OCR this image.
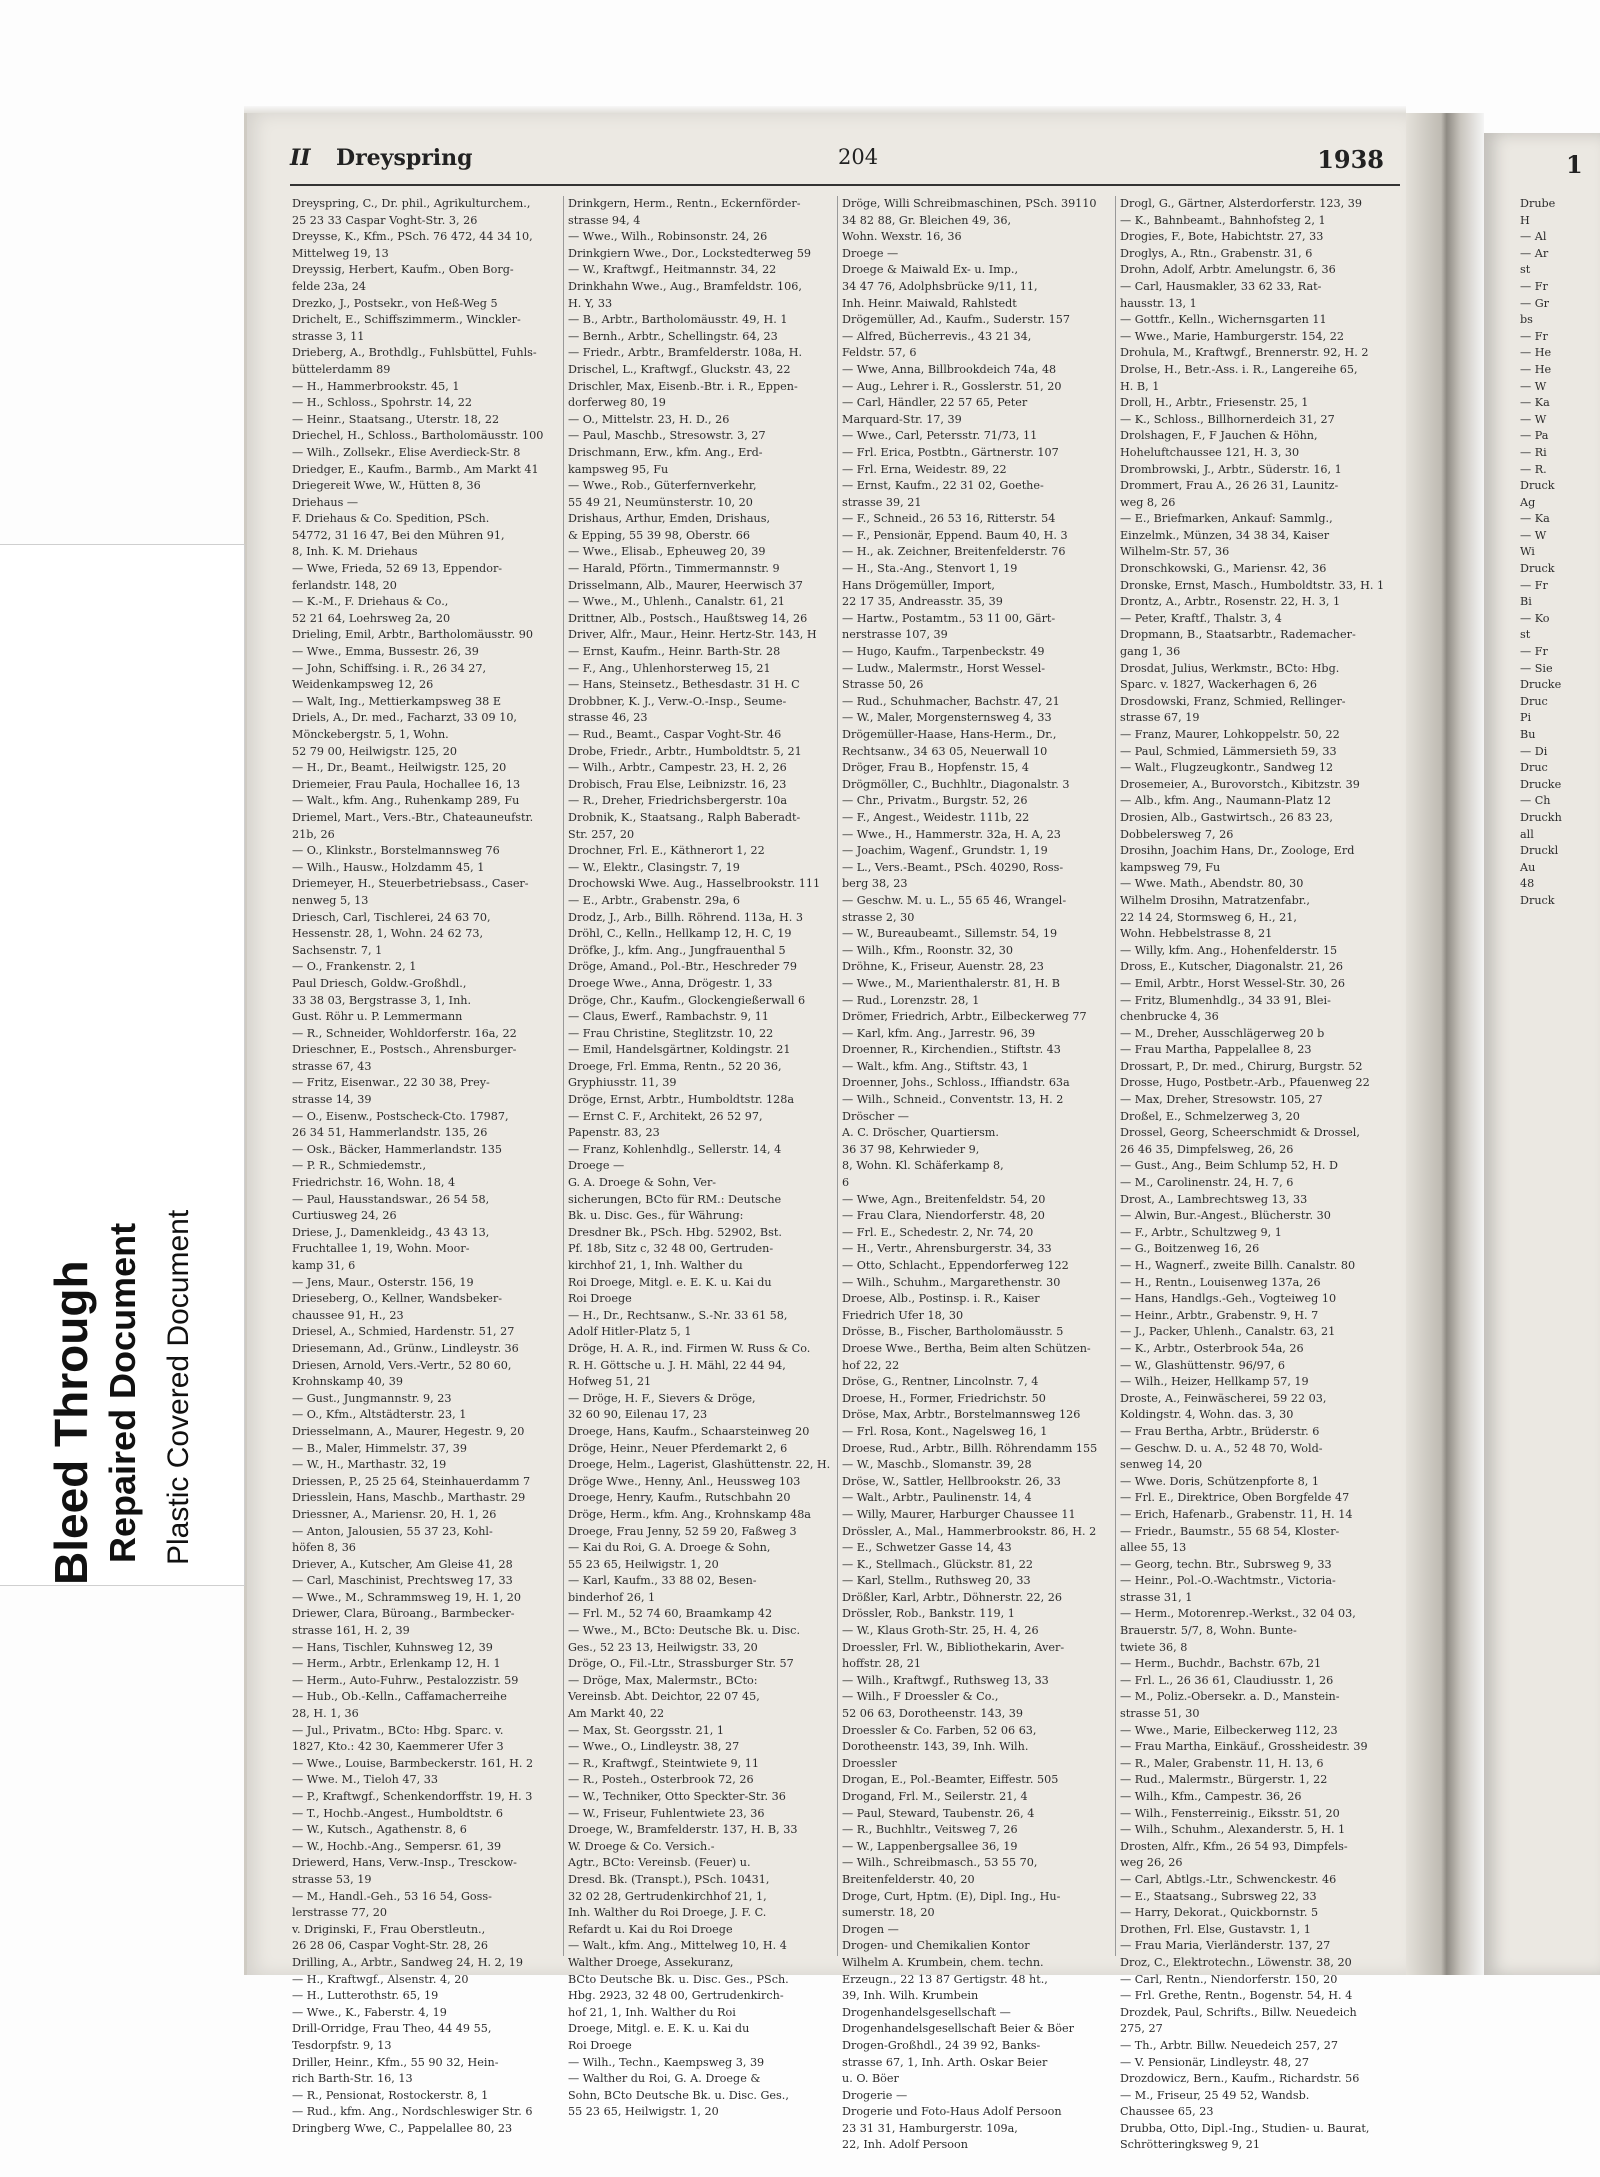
1
II Dreyspring	204	1938
Dreyspring, C., Dr. phil., Agrikulturchem.,
25 23 33 Caspar Voght-Str. 3, 26
Dreysse, K., Kfm., PSch. 76 472, 44 34 10,
Mittelweg 19, 13
Dreyssig, Herbert, Kaufm., Oben Borg-
felde 23a, 24
Drezko, J., Postsekr., von Heß-Weg 5
Drichelt, E., Schiffszimmerm., Winckler-
strasse 3, 11
Drieberg, A., Brothdlg., Fuhlsbüttel, Fuhls-
büttelerdamm 89
— H., Hammerbrookstr. 45, 1
— H., Schloss., Spohrstr. 14, 22
— Heinr., Staatsang., Uterstr. 18, 22
Driechel, H., Schloss., Bartholomäusstr. 100
— Wilh., Zollsekr., Elise Averdieck-Str. 8
Driedger, E., Kaufm., Barmb., Am Markt 41
Driegereit Wwe, W., Hütten 8, 36
Driehaus —
F. Driehaus & Co. Spedition, PSch.
54772, 31 16 47, Bei den Mühren 91,
8, Inh. K. M. Driehaus
— Wwe, Frieda, 52 69 13, Eppendor-
ferlandstr. 148, 20
— K.-M., F. Driehaus & Co.,
52 21 64, Loehrsweg 2a, 20
Drieling, Emil, Arbtr., Bartholomäusstr. 90
— Wwe., Emma, Bussestr. 26, 39
— John, Schiffsing. i. R., 26 34 27,
Weidenkampsweg 12, 26
— Walt, Ing., Mettierkampsweg 38 E
Driels, A., Dr. med., Facharzt, 33 09 10,
Mönckebergstr. 5, 1, Wohn.
52 79 00, Heilwigstr. 125, 20
— H., Dr., Beamt., Heilwigstr. 125, 20
Driemeier, Frau Paula, Hochallee 16, 13
— Walt., kfm. Ang., Ruhenkamp 289, Fu
Driemel, Mart., Vers.-Btr., Chateauneufstr.
21b, 26
— O., Klinkstr., Borstelmannsweg 76
— Wilh., Hausw., Holzdamm 45, 1
Driemeyer, H., Steuerbetriebsass., Caser-
nenweg 5, 13
Driesch, Carl, Tischlerei, 24 63 70,
Hessenstr. 28, 1, Wohn. 24 62 73,
Sachsenstr. 7, 1
— O., Frankenstr. 2, 1
Paul Driesch, Goldw.-Großhdl.,
33 38 03, Bergstrasse 3, 1, Inh.
Gust. Röhr u. P. Lemmermann
— R., Schneider, Wohldorferstr. 16a, 22
Drieschner, E., Postsch., Ahrensburger-
strasse 67, 43
— Fritz, Eisenwar., 22 30 38, Prey-
strasse 14, 39
— O., Eisenw., Postscheck-Cto. 17987,
26 34 51, Hammerlandstr. 135, 26
— Osk., Bäcker, Hammerlandstr. 135
— P. R., Schmiedemstr.,
Friedrichstr. 16, Wohn. 18, 4
— Paul, Hausstandswar., 26 54 58,
Curtiusweg 24, 26
Driese, J., Damenkleidg., 43 43 13,
Fruchtallee 1, 19, Wohn. Moor-
kamp 31, 6
— Jens, Maur., Osterstr. 156, 19
Drieseberg, O., Kellner, Wandsbeker-
chaussee 91, H., 23
Driesel, A., Schmied, Hardenstr. 51, 27
Driesemann, Ad., Grünw., Lindleystr. 36
Driesen, Arnold, Vers.-Vertr., 52 80 60,
Krohnskamp 40, 39
— Gust., Jungmannstr. 9, 23
— O., Kfm., Altstädterstr. 23, 1
Driesselmann, A., Maurer, Hegestr. 9, 20
— B., Maler, Himmelstr. 37, 39
— W., H., Marthastr. 32, 19
Driessen, P., 25 25 64, Steinhauerdamm 7
Driesslein, Hans, Maschb., Marthastr. 29
Driessner, A., Mariensr. 20, H. 1, 26
— Anton, Jalousien, 55 37 23, Kohl-
höfen 8, 36
Driever, A., Kutscher, Am Gleise 41, 28
— Carl, Maschinist, Prechtsweg 17, 33
— Wwe., M., Schrammsweg 19, H. 1, 20
Driewer, Clara, Büroang., Barmbecker-
strasse 161, H. 2, 39
— Hans, Tischler, Kuhnsweg 12, 39
— Herm., Arbtr., Erlenkamp 12, H. 1
— Herm., Auto-Fuhrw., Pestalozzistr. 59
— Hub., Ob.-Kelln., Caffamacherreihe
28, H. 1, 36
— Jul., Privatm., BCto: Hbg. Sparc. v.
1827, Kto.: 42 30, Kaemmerer Ufer 3
— Wwe., Louise, Barmbeckerstr. 161, H. 2
— Wwe. M., Tieloh 47, 33
— P., Kraftwgf., Schenkendorffstr. 19, H. 3
— T., Hochb.-Angest., Humboldtstr. 6
— W., Kutsch., Agathenstr. 8, 6
— W., Hochb.-Ang., Sempersr. 61, 39
Driewerd, Hans, Verw.-Insp., Tresckow-
strasse 53, 19
— M., Handl.-Geh., 53 16 54, Goss-
lerstrasse 77, 20
v. Driginski, F., Frau Oberstleutn.,
26 28 06, Caspar Voght-Str. 28, 26
Drilling, A., Arbtr., Sandweg 24, H. 2, 19
— H., Kraftwgf., Alsenstr. 4, 20
— H., Lutterothstr. 65, 19
— Wwe., K., Faberstr. 4, 19
Drill-Orridge, Frau Theo, 44 49 55,
Tesdorpfstr. 9, 13
Driller, Heinr., Kfm., 55 90 32, Hein-
rich Barth-Str. 16, 13
— R., Pensionat, Rostockerstr. 8, 1
— Rud., kfm. Ang., Nordschleswiger Str. 6
Dringberg Wwe, C., Pappelallee 80, 23
Drinkgern, Herm., Rentn., Eckernförder-
strasse 94, 4
— Wwe., Wilh., Robinsonstr. 24, 26
Drinkgiern Wwe., Dor., Lockstedterweg 59
— W., Kraftwgf., Heitmannstr. 34, 22
Drinkhahn Wwe., Aug., Bramfeldstr. 106,
H. Y, 33
— B., Arbtr., Bartholomäusstr. 49, H. 1
— Bernh., Arbtr., Schellingstr. 64, 23
— Friedr., Arbtr., Bramfelderstr. 108a, H.
Drischel, L., Kraftwgf., Gluckstr. 43, 22
Drischler, Max, Eisenb.-Btr. i. R., Eppen-
dorferweg 80, 19
— O., Mittelstr. 23, H. D., 26
— Paul, Maschb., Stresowstr. 3, 27
Drischmann, Erw., kfm. Ang., Erd-
kampsweg 95, Fu
— Wwe., Rob., Güterfernverkehr,
55 49 21, Neumünsterstr. 10, 20
Drishaus, Arthur, Emden, Drishaus,
& Epping, 55 39 98, Oberstr. 66
— Wwe., Elisab., Epheuweg 20, 39
— Harald, Pförtn., Timmermannstr. 9
Drisselmann, Alb., Maurer, Heerwisch 37
— Wwe., M., Uhlenh., Canalstr. 61, 21
Drittner, Alb., Postsch., Haußtsweg 14, 26
Driver, Alfr., Maur., Heinr. Hertz-Str. 143, H
— Ernst, Kaufm., Heinr. Barth-Str. 28
— F., Ang., Uhlenhorsterweg 15, 21
— Hans, Steinsetz., Bethesdastr. 31 H. C
Drobbner, K. J., Verw.-O.-Insp., Seume-
strasse 46, 23
— Rud., Beamt., Caspar Voght-Str. 46
Drobe, Friedr., Arbtr., Humboldtstr. 5, 21
— Wilh., Arbtr., Campestr. 23, H. 2, 26
Drobisch, Frau Else, Leibnizstr. 16, 23
— R., Dreher, Friedrichsbergerstr. 10a
Drobnik, K., Staatsang., Ralph Baberadt-
Str. 257, 20
Drochner, Frl. E., Käthnerort 1, 22
— W., Elektr., Clasingstr. 7, 19
Drochowski Wwe. Aug., Hasselbrookstr. 111
— E., Arbtr., Grabenstr. 29a, 6
Drodz, J., Arb., Billh. Röhrend. 113a, H. 3
Dröhl, C., Kelln., Hellkamp 12, H. C, 19
Dröfke, J., kfm. Ang., Jungfrauenthal 5
Dröge, Amand., Pol.-Btr., Heschreder 79
Droege Wwe., Anna, Drögestr. 1, 33
Dröge, Chr., Kaufm., Glockengießerwall 6
— Claus, Ewerf., Rambachstr. 9, 11
— Frau Christine, Steglitzstr. 10, 22
— Emil, Handelsgärtner, Koldingstr. 21
Droege, Frl. Emma, Rentn., 52 20 36,
Gryphiusstr. 11, 39
Dröge, Ernst, Arbtr., Humboldtstr. 128a
— Ernst C. F., Architekt, 26 52 97,
Papenstr. 83, 23
— Franz, Kohlenhdlg., Sellerstr. 14, 4
Droege —
G. A. Droege & Sohn, Ver-
sicherungen, BCto für RM.: Deutsche
Bk. u. Disc. Ges., für Währung:
Dresdner Bk., PSch. Hbg. 52902, Bst.
Pf. 18b, Sitz c, 32 48 00, Gertruden-
kirchhof 21, 1, Inh. Walther du
Roi Droege, Mitgl. e. E. K. u. Kai du
Roi Droege
— H., Dr., Rechtsanw., S.-Nr. 33 61 58,
Adolf Hitler-Platz 5, 1
Dröge, H. A. R., ind. Firmen W. Russ & Co.
R. H. Göttsche u. J. H. Mähl, 22 44 94,
Hofweg 51, 21
— Dröge, H. F., Sievers & Dröge,
32 60 90, Eilenau 17, 23
Droege, Hans, Kaufm., Schaarsteinweg 20
Dröge, Heinr., Neuer Pferdemarkt 2, 6
Droege, Helm., Lagerist, Glashüttenstr. 22, H.
Dröge Wwe., Henny, Anl., Heussweg 103
Droege, Henry, Kaufm., Rutschbahn 20
Dröge, Herm., kfm. Ang., Krohnskamp 48a
Droege, Frau Jenny, 52 59 20, Faßweg 3
— Kai du Roi, G. A. Droege & Sohn,
55 23 65, Heilwigstr. 1, 20
— Karl, Kaufm., 33 88 02, Besen-
binderhof 26, 1
— Frl. M., 52 74 60, Braamkamp 42
— Wwe., M., BCto: Deutsche Bk. u. Disc.
Ges., 52 23 13, Heilwigstr. 33, 20
Dröge, O., Fil.-Ltr., Strassburger Str. 57
— Dröge, Max, Malermstr., BCto:
Vereinsb. Abt. Deichtor, 22 07 45,
Am Markt 40, 22
— Max, St. Georgsstr. 21, 1
— Wwe., O., Lindleystr. 38, 27
— R., Kraftwgf., Steintwiete 9, 11
— R., Posteh., Osterbrook 72, 26
— W., Techniker, Otto Speckter-Str. 36
— W., Friseur, Fuhlentwiete 23, 36
Droege, W., Bramfelderstr. 137, H. B, 33
W. Droege & Co. Versich.-
Agtr., BCto: Vereinsb. (Feuer) u.
Dresd. Bk. (Transpt.), PSch. 10431,
32 02 28, Gertrudenkirchhof 21, 1,
Inh. Walther du Roi Droege, J. F. C.
Refardt u. Kai du Roi Droege
— Walt., kfm. Ang., Mittelweg 10, H. 4
Walther Droege, Assekuranz,
BCto Deutsche Bk. u. Disc. Ges., PSch.
Hbg. 2923, 32 48 00, Gertrudenkirch-
hof 21, 1, Inh. Walther du Roi
Droege, Mitgl. e. E. K. u. Kai du
Roi Droege
— Wilh., Techn., Kaempsweg 3, 39
— Walther du Roi, G. A. Droege &
Sohn, BCto Deutsche Bk. u. Disc. Ges.,
55 23 65, Heilwigstr. 1, 20
Dröge, Willi Schreibmaschinen, PSch. 39110
34 82 88, Gr. Bleichen 49, 36,
Wohn. Wexstr. 16, 36
Droege —
Droege & Maiwald Ex- u. Imp.,
34 47 76, Adolphsbrücke 9/11, 11,
Inh. Heinr. Maiwald, Rahlstedt
Drögemüller, Ad., Kaufm., Suderstr. 157
— Alfred, Bücherrevis., 43 21 34,
Feldstr. 57, 6
— Wwe, Anna, Billbrookdeich 74a, 48
— Aug., Lehrer i. R., Gosslerstr. 51, 20
— Carl, Händler, 22 57 65, Peter
Marquard-Str. 17, 39
— Wwe., Carl, Petersstr. 71/73, 11
— Frl. Erica, Postbtn., Gärtnerstr. 107
— Frl. Erna, Weidestr. 89, 22
— Ernst, Kaufm., 22 31 02, Goethe-
strasse 39, 21
— F., Schneid., 26 53 16, Ritterstr. 54
— F., Pensionär, Eppend. Baum 40, H. 3
— H., ak. Zeichner, Breitenfelderstr. 76
— H., Sta.-Ang., Stenvort 1, 19
Hans Drögemüller, Import,
22 17 35, Andreasstr. 35, 39
— Hartw., Postamtm., 53 11 00, Gärt-
nerstrasse 107, 39
— Hugo, Kaufm., Tarpenbeckstr. 49
— Ludw., Malermstr., Horst Wessel-
Strasse 50, 26
— Rud., Schuhmacher, Bachstr. 47, 21
— W., Maler, Morgensternsweg 4, 33
Drögemüller-Haase, Hans-Herm., Dr.,
Rechtsanw., 34 63 05, Neuerwall 10
Dröger, Frau B., Hopfenstr. 15, 4
Drögmöller, C., Buchhltr., Diagonalstr. 3
— Chr., Privatm., Burgstr. 52, 26
— F., Angest., Weidestr. 111b, 22
— Wwe., H., Hammerstr. 32a, H. A, 23
— Joachim, Wagenf., Grundstr. 1, 19
— L., Vers.-Beamt., PSch. 40290, Ross-
berg 38, 23
— Geschw. M. u. L., 55 65 46, Wrangel-
strasse 2, 30
— W., Bureaubeamt., Sillemstr. 54, 19
— Wilh., Kfm., Roonstr. 32, 30
Dröhne, K., Friseur, Auenstr. 28, 23
— Wwe., M., Marienthalerstr. 81, H. B
— Rud., Lorenzstr. 28, 1
Drömer, Friedrich, Arbtr., Eilbeckerweg 77
— Karl, kfm. Ang., Jarrestr. 96, 39
Droenner, R., Kirchendien., Stiftstr. 43
— Walt., kfm. Ang., Stiftstr. 43, 1
Droenner, Johs., Schloss., Iffiandstr. 63a
— Wilh., Schneid., Conventstr. 13, H. 2
Dröscher —
A. C. Dröscher, Quartiersm.
36 37 98, Kehrwieder 9,
8, Wohn. Kl. Schäferkamp 8,
6
— Wwe, Agn., Breitenfeldstr. 54, 20
— Frau Clara, Niendorferstr. 48, 20
— Frl. E., Schedestr. 2, Nr. 74, 20
— H., Vertr., Ahrensburgerstr. 34, 33
— Otto, Schlacht., Eppendorferweg 122
— Wilh., Schuhm., Margarethenstr. 30
Droese, Alb., Postinsp. i. R., Kaiser
Friedrich Ufer 18, 30
Drösse, B., Fischer, Bartholomäusstr. 5
Droese Wwe., Bertha, Beim alten Schützen-
hof 22, 22
Dröse, G., Rentner, Lincolnstr. 7, 4
Droese, H., Former, Friedrichstr. 50
Dröse, Max, Arbtr., Borstelmannsweg 126
— Frl. Rosa, Kont., Nagelsweg 16, 1
Droese, Rud., Arbtr., Billh. Röhrendamm 155
— W., Maschb., Slomanstr. 39, 28
Dröse, W., Sattler, Hellbrookstr. 26, 33
— Walt., Arbtr., Paulinenstr. 14, 4
— Willy, Maurer, Harburger Chaussee 11
Drössler, A., Mal., Hammerbrookstr. 86, H. 2
— E., Schwetzer Gasse 14, 43
— K., Stellmach., Glückstr. 81, 22
— Karl, Stellm., Ruthsweg 20, 33
Drößler, Karl, Arbtr., Döhnerstr. 22, 26
Drössler, Rob., Bankstr. 119, 1
— W., Klaus Groth-Str. 25, H. 4, 26
Droessler, Frl. W., Bibliothekarin, Aver-
hoffstr. 28, 21
— Wilh., Kraftwgf., Ruthsweg 13, 33
— Wilh., F Droessler & Co.,
52 06 63, Dorotheenstr. 143, 39
Droessler & Co. Farben, 52 06 63,
Dorotheenstr. 143, 39, Inh. Wilh.
Droessler
Drogan, E., Pol.-Beamter, Eiffestr. 505
Drogand, Frl. M., Seilerstr. 21, 4
— Paul, Steward, Taubenstr. 26, 4
— R., Buchhltr., Veitsweg 7, 26
— W., Lappenbergsallee 36, 19
— Wilh., Schreibmasch., 53 55 70,
Breitenfelderstr. 40, 20
Droge, Curt, Hptm. (E), Dipl. Ing., Hu-
sumerstr. 18, 20
Drogen —
Drogen- und Chemikalien Kontor
Wilhelm A. Krumbein, chem. techn.
Erzeugn., 22 13 87 Gertigstr. 48 ht.,
39, Inh. Wilh. Krumbein
Drogenhandelsgesellschaft —
Drogenhandelsgesellschaft Beier & Böer
Drogen-Großhdl., 24 39 92, Banks-
strasse 67, 1, Inh. Arth. Oskar Beier
u. O. Böer
Drogerie —
Drogerie und Foto-Haus Adolf Persoon
23 31 31, Hamburgerstr. 109a,
22, Inh. Adolf Persoon
Drogl, G., Gärtner, Alsterdorferstr. 123, 39
— K., Bahnbeamt., Bahnhofsteg 2, 1
Drogies, F., Bote, Habichtstr. 27, 33
Droglys, A., Rtn., Grabenstr. 31, 6
Drohn, Adolf, Arbtr. Amelungstr. 6, 36
— Carl, Hausmakler, 33 62 33, Rat-
hausstr. 13, 1
— Gottfr., Kelln., Wichernsgarten 11
— Wwe., Marie, Hamburgerstr. 154, 22
Drohula, M., Kraftwgf., Brennerstr. 92, H. 2
Drolse, H., Betr.-Ass. i. R., Langereihe 65,
H. B, 1
Droll, H., Arbtr., Friesenstr. 25, 1
— K., Schloss., Billhornerdeich 31, 27
Drolshagen, F., F Jauchen & Höhn,
Hoheluftchaussee 121, H. 3, 30
Drombrowski, J., Arbtr., Süderstr. 16, 1
Drommert, Frau A., 26 26 31, Launitz-
weg 8, 26
— E., Briefmarken, Ankauf: Sammlg.,
Einzelmk., Münzen, 34 38 34, Kaiser
Wilhelm-Str. 57, 36
Dronschkowski, G., Mariensr. 42, 36
Dronske, Ernst, Masch., Humboldtstr. 33, H. 1
Drontz, A., Arbtr., Rosenstr. 22, H. 3, 1
— Peter, Kraftf., Thalstr. 3, 4
Dropmann, B., Staatsarbtr., Rademacher-
gang 1, 36
Drosdat, Julius, Werkmstr., BCto: Hbg.
Sparc. v. 1827, Wackerhagen 6, 26
Drosdowski, Franz, Schmied, Rellinger-
strasse 67, 19
— Franz, Maurer, Lohkoppelstr. 50, 22
— Paul, Schmied, Lämmersieth 59, 33
— Walt., Flugzeugkontr., Sandweg 12
Drosemeier, A., Burovorstch., Kibitzstr. 39
— Alb., kfm. Ang., Naumann-Platz 12
Drosien, Alb., Gastwirtsch., 26 83 23,
Dobbelersweg 7, 26
Drosihn, Joachim Hans, Dr., Zoologe, Erd
kampsweg 79, Fu
— Wwe. Math., Abendstr. 80, 30
Wilhelm Drosihn, Matratzenfabr.,
22 14 24, Stormsweg 6, H., 21,
Wohn. Hebbelstrasse 8, 21
— Willy, kfm. Ang., Hohenfelderstr. 15
Dross, E., Kutscher, Diagonalstr. 21, 26
— Emil, Arbtr., Horst Wessel-Str. 30, 26
— Fritz, Blumenhdlg., 34 33 91, Blei-
chenbrucke 4, 36
— M., Dreher, Ausschlägerweg 20 b
— Frau Martha, Pappelallee 8, 23
Drossart, P., Dr. med., Chirurg, Burgstr. 52
Drosse, Hugo, Postbetr.-Arb., Pfauenweg 22
— Max, Dreher, Stresowstr. 105, 27
Droßel, E., Schmelzerweg 3, 20
Drossel, Georg, Scheerschmidt & Drossel,
26 46 35, Dimpfelsweg, 26, 26
— Gust., Ang., Beim Schlump 52, H. D
— M., Carolinenstr. 24, H. 7, 6
Drost, A., Lambrechtsweg 13, 33
— Alwin, Bur.-Angest., Blücherstr. 30
— F., Arbtr., Schultzweg 9, 1
— G., Boitzenweg 16, 26
— H., Wagnerf., zweite Billh. Canalstr. 80
— H., Rentn., Louisenweg 137a, 26
— Hans, Handlgs.-Geh., Vogteiweg 10
— Heinr., Arbtr., Grabenstr. 9, H. 7
— J., Packer, Uhlenh., Canalstr. 63, 21
— K., Arbtr., Osterbrook 54a, 26
— W., Glashüttenstr. 96/97, 6
— Wilh., Heizer, Hellkamp 57, 19
Droste, A., Feinwäscherei, 59 22 03,
Koldingstr. 4, Wohn. das. 3, 30
— Frau Bertha, Arbtr., Brüderstr. 6
— Geschw. D. u. A., 52 48 70, Wold-
senweg 14, 20
— Wwe. Doris, Schützenpforte 8, 1
— Frl. E., Direktrice, Oben Borgfelde 47
— Erich, Hafenarb., Grabenstr. 11, H. 14
— Friedr., Baumstr., 55 68 54, Kloster-
allee 55, 13
— Georg, techn. Btr., Subrsweg 9, 33
— Heinr., Pol.-O.-Wachtmstr., Victoria-
strasse 31, 1
— Herm., Motorenrep.-Werkst., 32 04 03,
Brauerstr. 5/7, 8, Wohn. Bunte-
twiete 36, 8
— Herm., Buchdr., Bachstr. 67b, 21
— Frl. L., 26 36 61, Claudiusstr. 1, 26
— M., Poliz.-Obersekr. a. D., Manstein-
strasse 51, 30
— Wwe., Marie, Eilbeckerweg 112, 23
— Frau Martha, Einkäuf., Grossheidestr. 39
— R., Maler, Grabenstr. 11, H. 13, 6
— Rud., Malermstr., Bürgerstr. 1, 22
— Wilh., Kfm., Campestr. 36, 26
— Wilh., Fensterreinig., Eiksstr. 51, 20
— Wilh., Schuhm., Alexanderstr. 5, H. 1
Drosten, Alfr., Kfm., 26 54 93, Dimpfels-
weg 26, 26
— Carl, Abtlgs.-Ltr., Schwenckestr. 46
— E., Staatsang., Subrsweg 22, 33
— Harry, Dekorat., Quickbornstr. 5
Drothen, Frl. Else, Gustavstr. 1, 1
— Frau Maria, Vierländerstr. 137, 27
Droz, C., Elektrotechn., Löwenstr. 38, 20
— Carl, Rentn., Niendorferstr. 150, 20
— Frl. Grethe, Rentn., Bogenstr. 54, H. 4
Drozdek, Paul, Schrifts., Billw. Neuedeich
275, 27
— Th., Arbtr. Billw. Neuedeich 257, 27
— V. Pensionär, Lindleystr. 48, 27
Drozdowicz, Bern., Kaufm., Richardstr. 56
— M., Friseur, 25 49 52, Wandsb.
Chaussee 65, 23
Drubba, Otto, Dipl.-Ing., Studien- u. Baurat,
Schrötteringksweg 9, 21
Drube
H
— Al
— Ar
st
— Fr
— Gr
bs
— Fr
— He
— He
— W
— Ka
— W
— Pa
— Ri
— R.
Druck
Ag
— Ka
— W
Wi
Druck
— Fr
Bi
— Ko
st
— Fr
— Sie
Drucke
Druc
Pi
Bu
— Di
Druc
Drucke
— Ch
Druckh
all
Druckl
Au
48
Druck
Bleed Through Repaired Document Plastic Covered Document
